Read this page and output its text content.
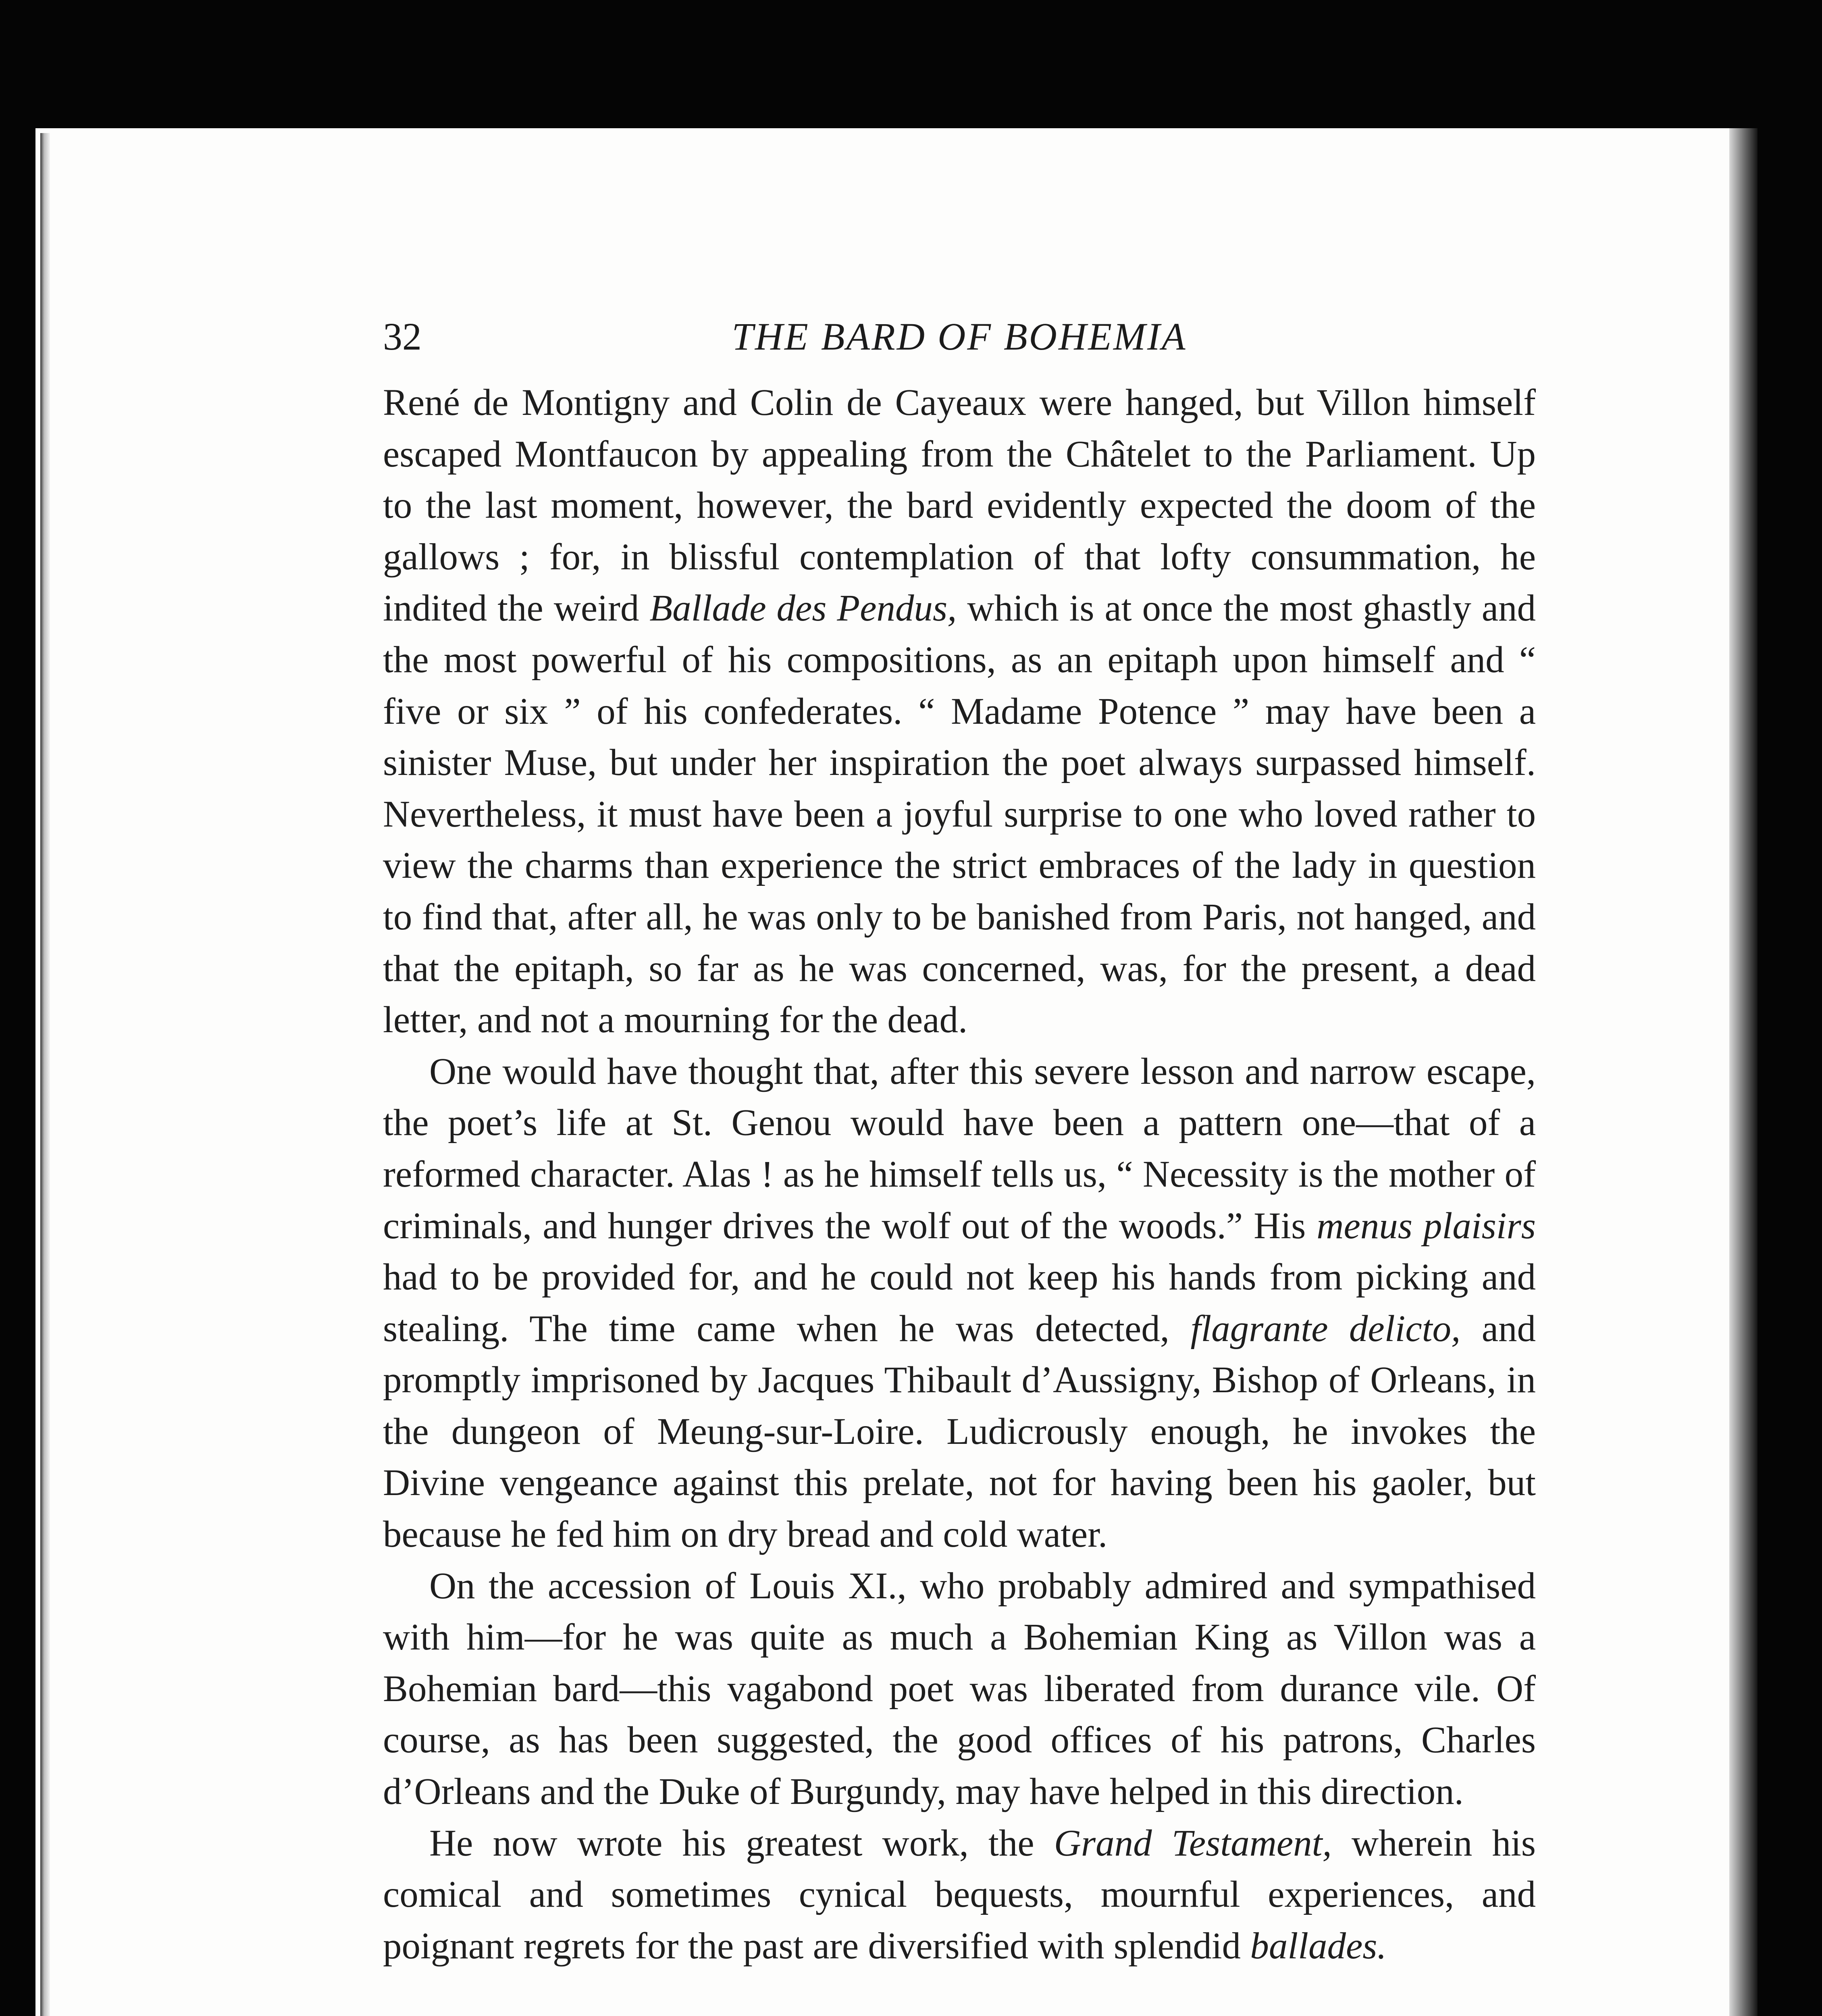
32	THE BARD OF BOHEMIA

René de Montigny and Colin de Cayeaux were hanged, but Villon himself escaped Montfaucon by appealing from the Châtelet to the Parliament. Up to the last moment, however, the bard evidently expected the doom of the gallows ; for, in blissful contemplation of that lofty consummation, he indited the weird Ballade des Pendus, which is at once the most ghastly and the most powerful of his compositions, as an epitaph upon himself and “ five or six ” of his confederates. “ Madame Potence ” may have been a sinister Muse, but under her inspiration the poet always surpassed himself. Nevertheless, it must have been a joyful surprise to one who loved rather to view the charms than experience the strict embraces of the lady in question to find that, after all, he was only to be banished from Paris, not hanged, and that the epitaph, so far as he was concerned, was, for the present, a dead letter, and not a mourning for the dead.

One would have thought that, after this severe lesson and narrow escape, the poet’s life at St. Genou would have been a pattern one—that of a reformed character. Alas ! as he himself tells us, “ Necessity is the mother of criminals, and hunger drives the wolf out of the woods.” His menus plaisirs had to be provided for, and he could not keep his hands from picking and stealing. The time came when he was detected, flagrante delicto, and promptly imprisoned by Jacques Thibault d’Aussigny, Bishop of Orleans, in the dungeon of Meung-sur-Loire. Ludicrously enough, he invokes the Divine vengeance against this prelate, not for having been his gaoler, but because he fed him on dry bread and cold water.

On the accession of Louis XI., who probably admired and sympathised with him—for he was quite as much a Bohemian King as Villon was a Bohemian bard—this vagabond poet was liberated from durance vile. Of course, as has been suggested, the good offices of his patrons, Charles d’Orleans and the Duke of Burgundy, may have helped in this direction.

He now wrote his greatest work, the Grand Testament, wherein his comical and sometimes cynical bequests, mournful experiences, and poignant regrets for the past are diversified with splendid ballades.
